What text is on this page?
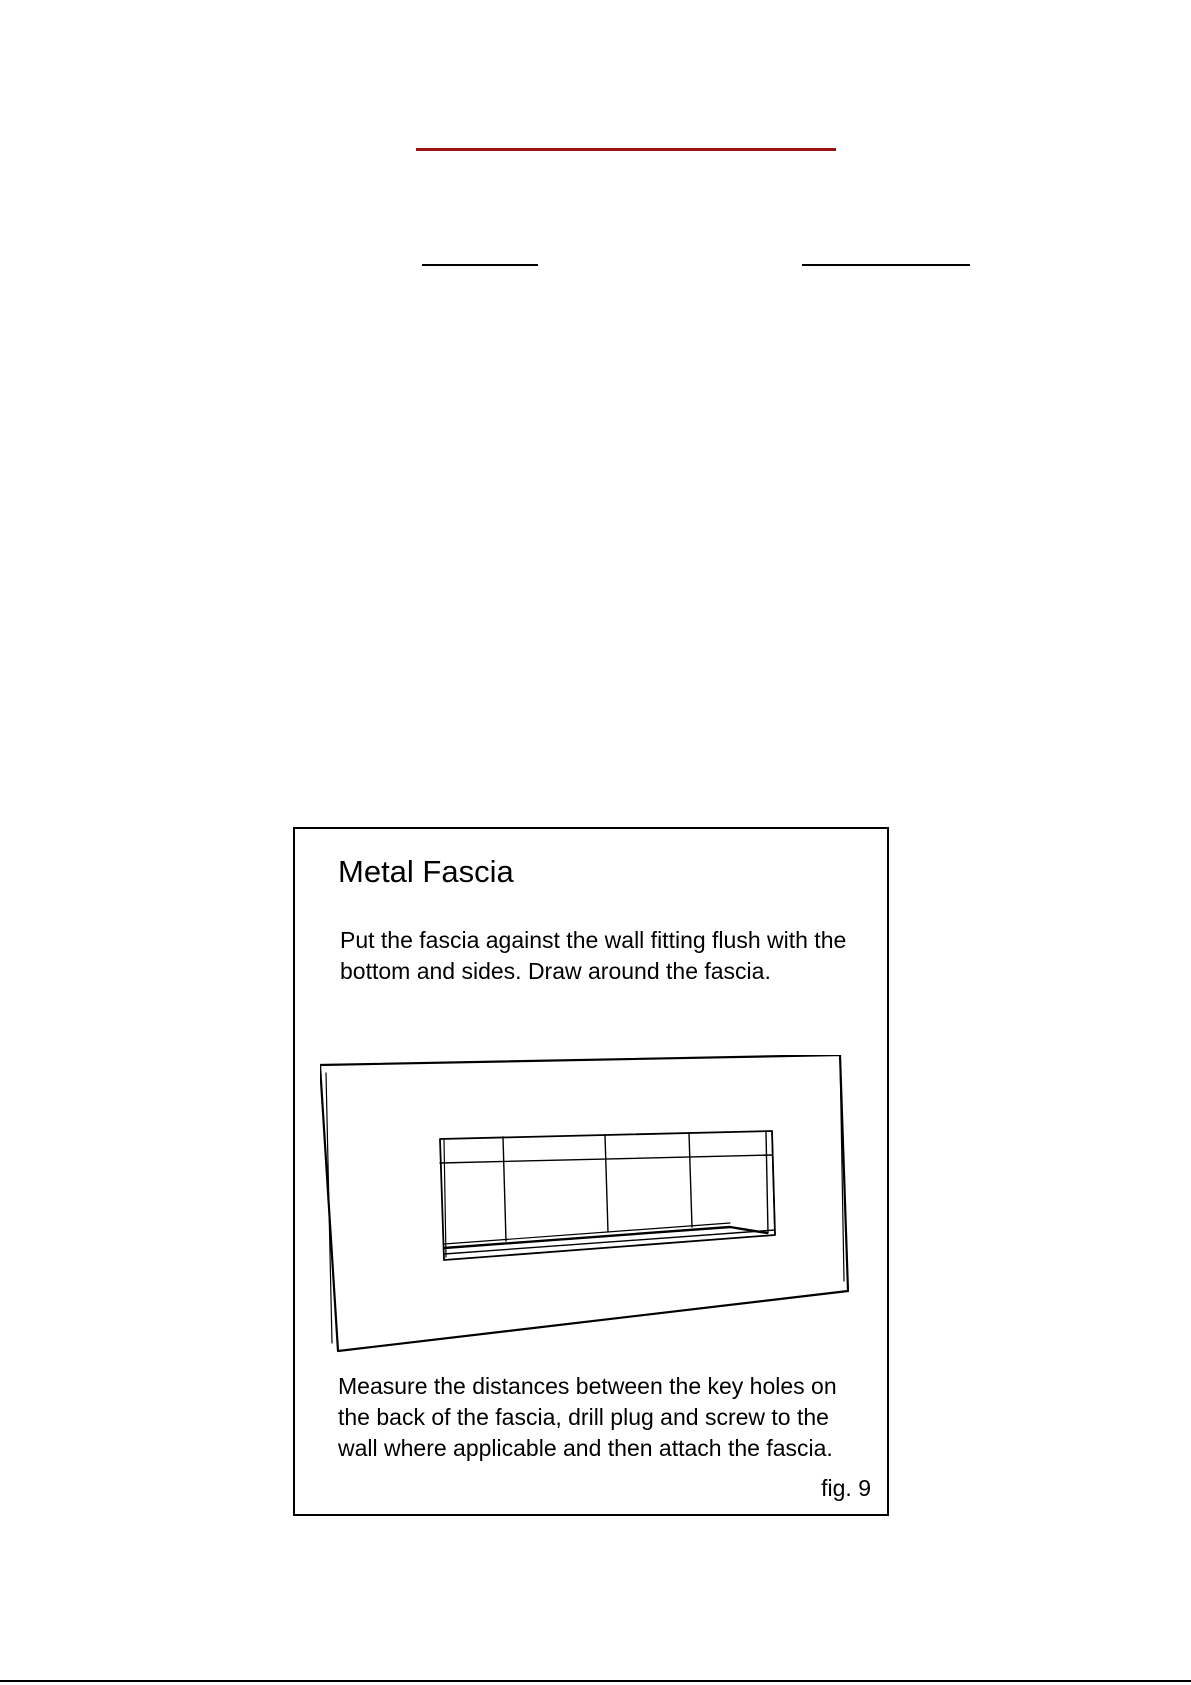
Metal Fascia

Put the fascia against the wall fitting flush with the bottom and sides. Draw around the fascia.

Measure the distances between the key holes on the back of the fascia, drill plug and screw to the wall where applicable and then attach the fascia.

fig. 9
